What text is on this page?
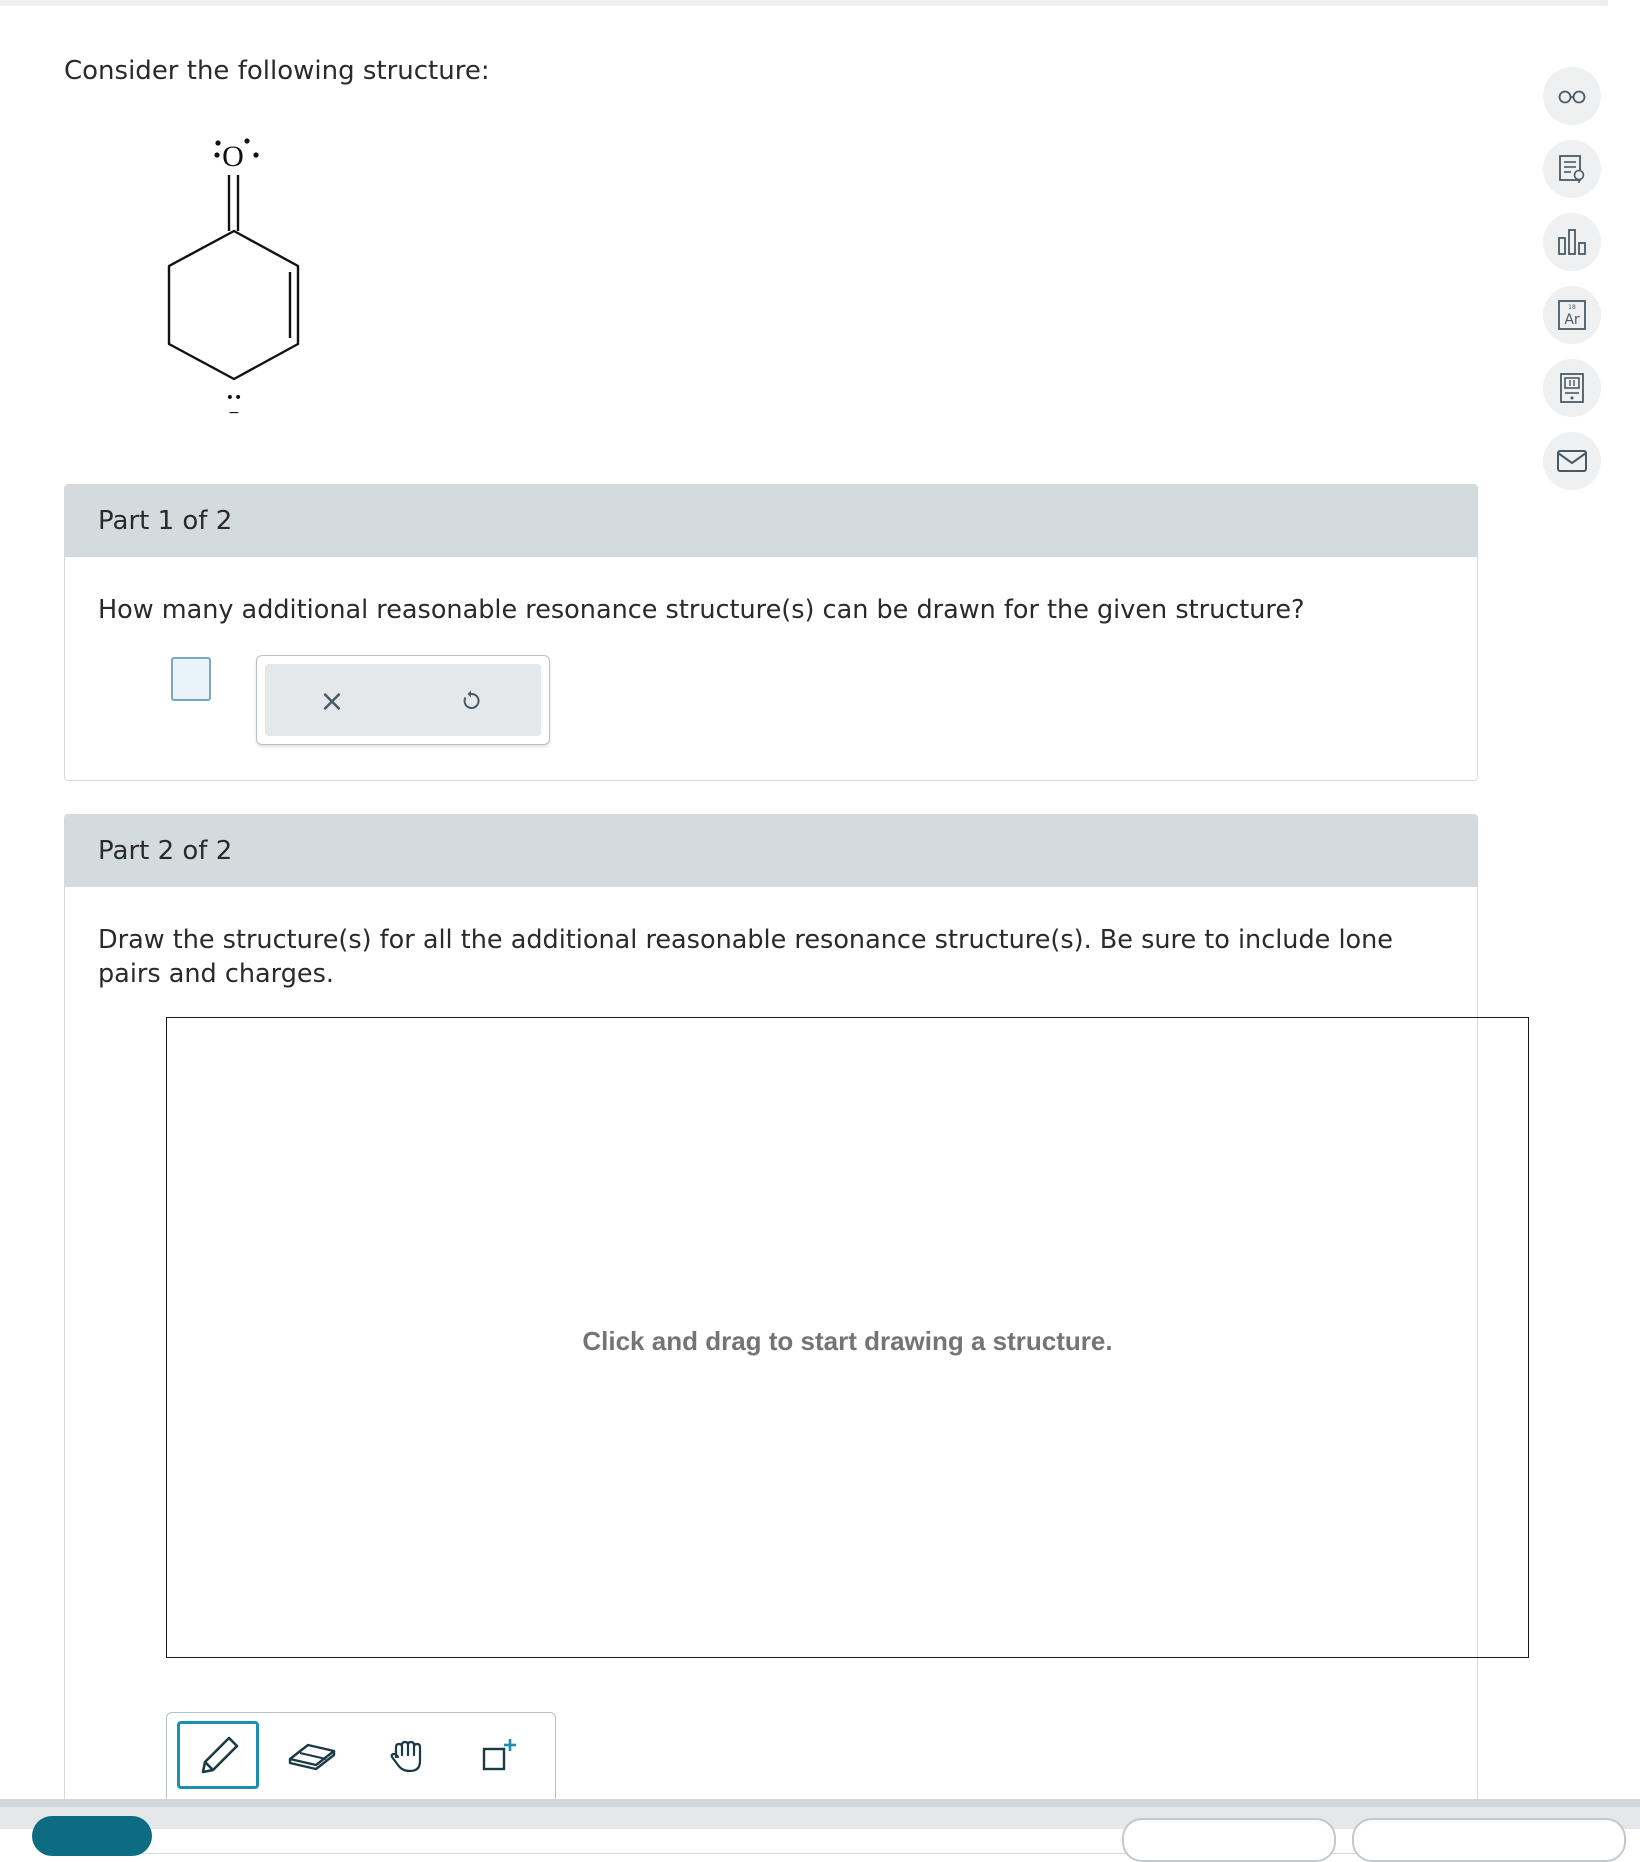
Consider the following structure:
O
••
−
Part 1 of 2
How many additional reasonable resonance structure(s) can be drawn for the given structure?
×
Part 2 of 2
Draw the structure(s) for all the additional reasonable resonance structure(s). Be sure to include lone pairs and charges.
Click and drag to start drawing a structure.
18
Ar
